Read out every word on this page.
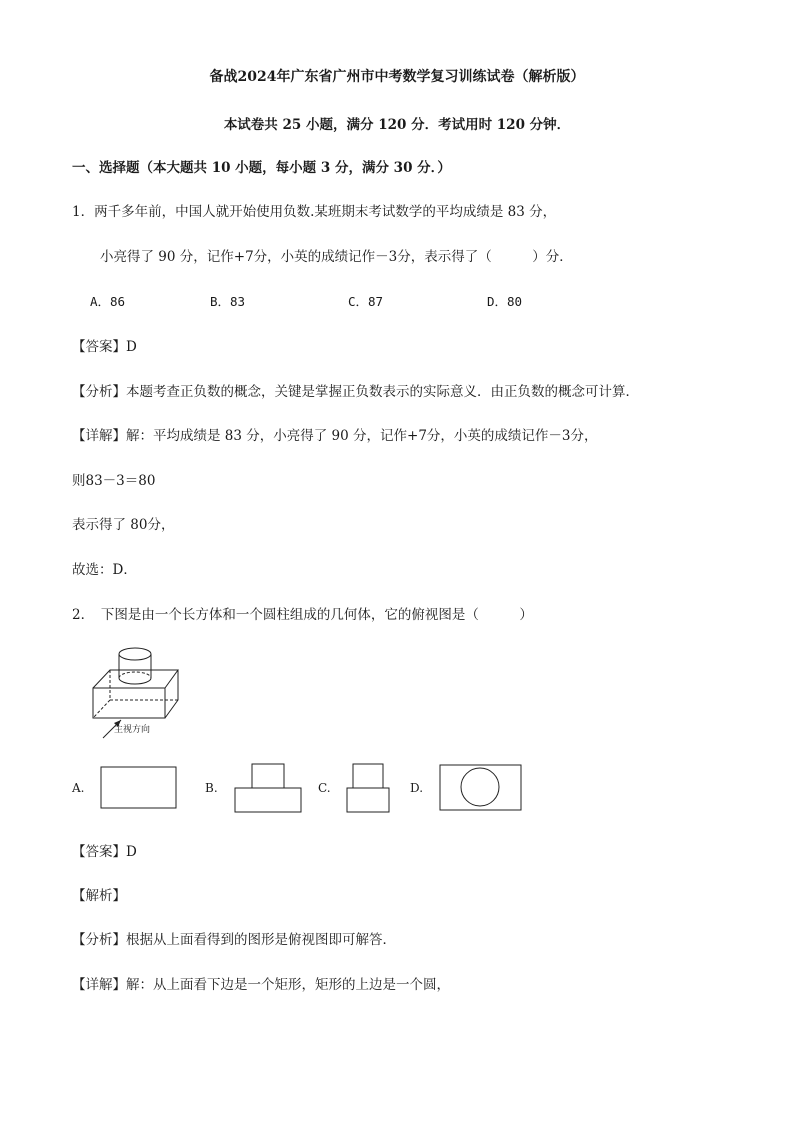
备战2024年广东省广州市中考数学复习训练试卷（解析版）
本试卷共 25 小题，满分 120 分．考试用时 120 分钟．
一、选择题（本大题共 10 小题，每小题 3 分，满分 30 分．）
1．两千多年前，中国人就开始使用负数.某班期末考试数学的平均成绩是 83 分，
小亮得了 90 分，记作+7分，小英的成绩记作－3分，表示得了（　　　）分．
A．86	B．83	C．87	D．80
【答案】D
【分析】本题考查正负数的概念，关键是掌握正负数表示的实际意义．由正负数的概念可计算．
【详解】解：平均成绩是 83 分，小亮得了 90 分，记作+7分，小英的成绩记作－3分，
则83－3＝80
表示得了 80分，
故选：D．
2．　下图是由一个长方体和一个圆柱组成的几何体，它的俯视图是（　　　）
主视方向
A.	B.	C.	D.
【答案】D
【解析】
【分析】根据从上面看得到的图形是俯视图即可解答．
【详解】解：从上面看下边是一个矩形，矩形的上边是一个圆，
